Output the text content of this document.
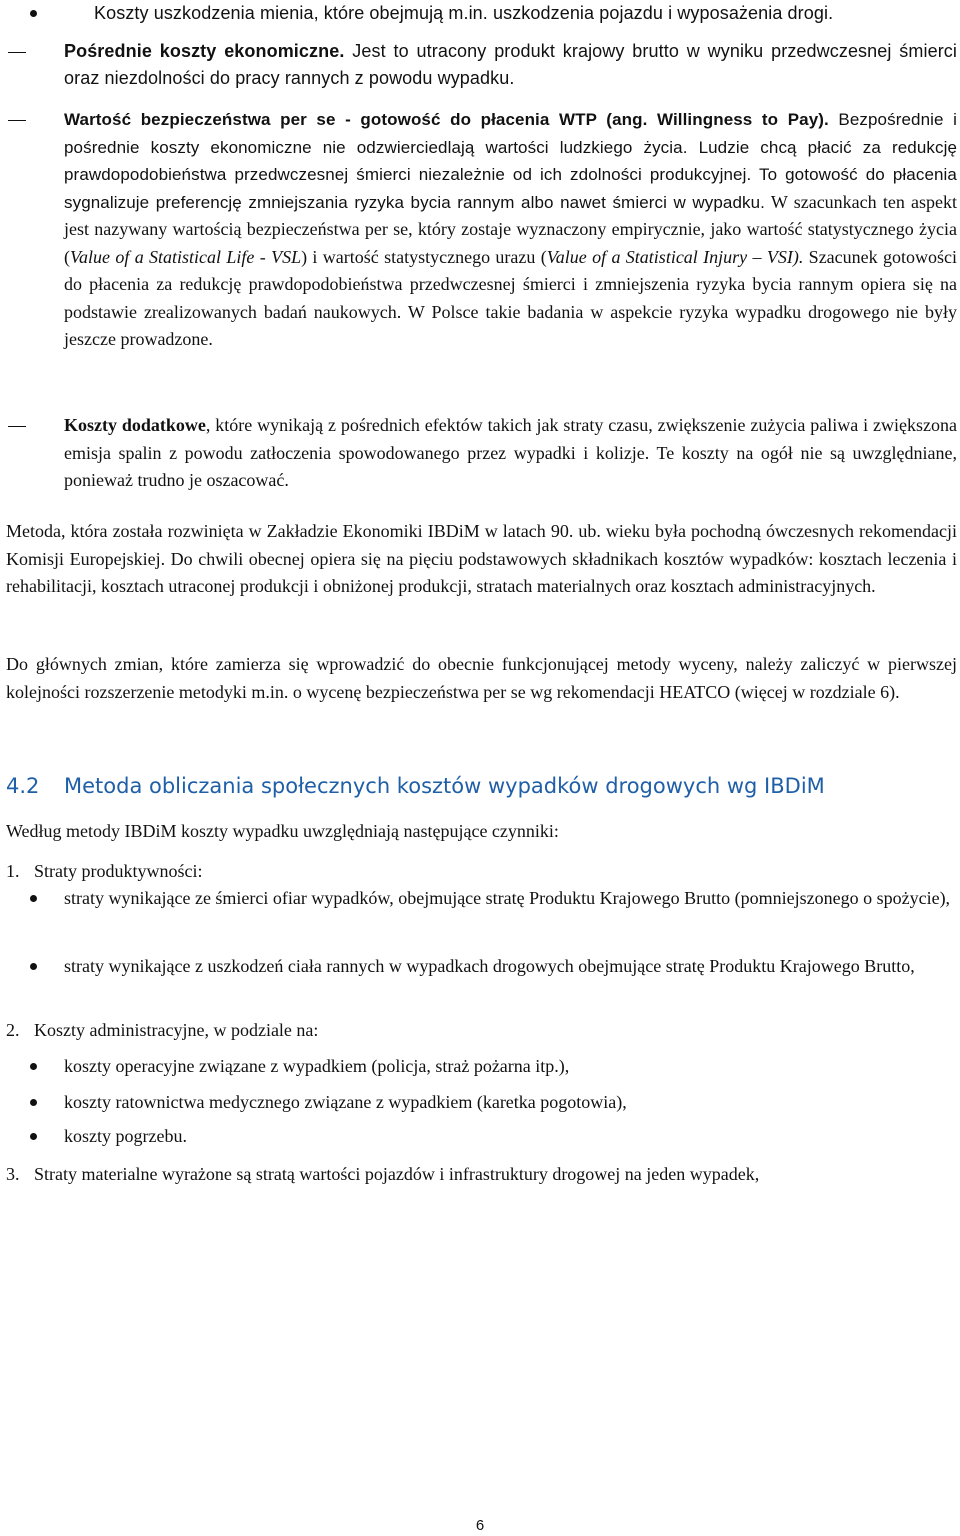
Koszty uszkodzenia mienia, które obejmują m.in. uszkodzenia pojazdu i wyposażenia drogi.
Pośrednie koszty ekonomiczne. Jest to utracony produkt krajowy brutto w wyniku przedwczesnej śmierci oraz niezdolności do pracy rannych z powodu wypadku.
Wartość bezpieczeństwa per se - gotowość do płacenia WTP (ang. Willingness to Pay). Bezpośrednie i pośrednie koszty ekonomiczne nie odzwierciedlają wartości ludzkiego życia. Ludzie chcą płacić za redukcję prawdopodobieństwa przedwczesnej śmierci niezależnie od ich zdolności produkcyjnej. To gotowość do płacenia sygnalizuje preferencję zmniejszania ryzyka bycia rannym albo nawet śmierci w wypadku. W szacunkach ten aspekt jest nazywany wartością bezpieczeństwa per se, który zostaje wyznaczony empirycznie, jako wartość statystycznego życia (Value of a Statistical Life - VSL) i wartość statystycznego urazu (Value of a Statistical Injury – VSI). Szacunek gotowości do płacenia za redukcję prawdopodobieństwa przedwczesnej śmierci i zmniejszenia ryzyka bycia rannym opiera się na podstawie zrealizowanych badań naukowych. W Polsce takie badania w aspekcie ryzyka wypadku drogowego nie były jeszcze prowadzone.
Koszty dodatkowe, które wynikają z pośrednich efektów takich jak straty czasu, zwiększenie zużycia paliwa i zwiększona emisja spalin z powodu zatłoczenia spowodowanego przez wypadki i kolizje. Te koszty na ogół nie są uwzględniane, ponieważ trudno je oszacować.
Metoda, która została rozwinięta w Zakładzie Ekonomiki IBDiM w latach 90. ub. wieku była pochodną ówczesnych rekomendacji Komisji Europejskiej. Do chwili obecnej opiera się na pięciu podstawowych składnikach kosztów wypadków: kosztach leczenia i rehabilitacji, kosztach utraconej produkcji i obniżonej produkcji, stratach materialnych oraz kosztach administracyjnych.
Do głównych zmian, które zamierza się wprowadzić do obecnie funkcjonującej metody wyceny, należy zaliczyć w pierwszej kolejności rozszerzenie metodyki m.in. o wycenę bezpieczeństwa per se wg rekomendacji HEATCO (więcej w rozdziale 6).
4.2 Metoda obliczania społecznych kosztów wypadków drogowych wg IBDiM
Według metody IBDiM koszty wypadku uwzględniają następujące czynniki:
1. Straty produktywności:
straty wynikające ze śmierci ofiar wypadków, obejmujące stratę Produktu Krajowego Brutto (pomniejszonego o spożycie),
straty wynikające z uszkodzeń ciała rannych w wypadkach drogowych obejmujące stratę Produktu Krajowego Brutto,
2. Koszty administracyjne, w podziale na:
koszty operacyjne związane z wypadkiem (policja, straż pożarna itp.),
koszty ratownictwa medycznego związane z wypadkiem (karetka pogotowia),
koszty pogrzebu.
3. Straty materialne wyrażone są stratą wartości pojazdów i infrastruktury drogowej na jeden wypadek,
6
